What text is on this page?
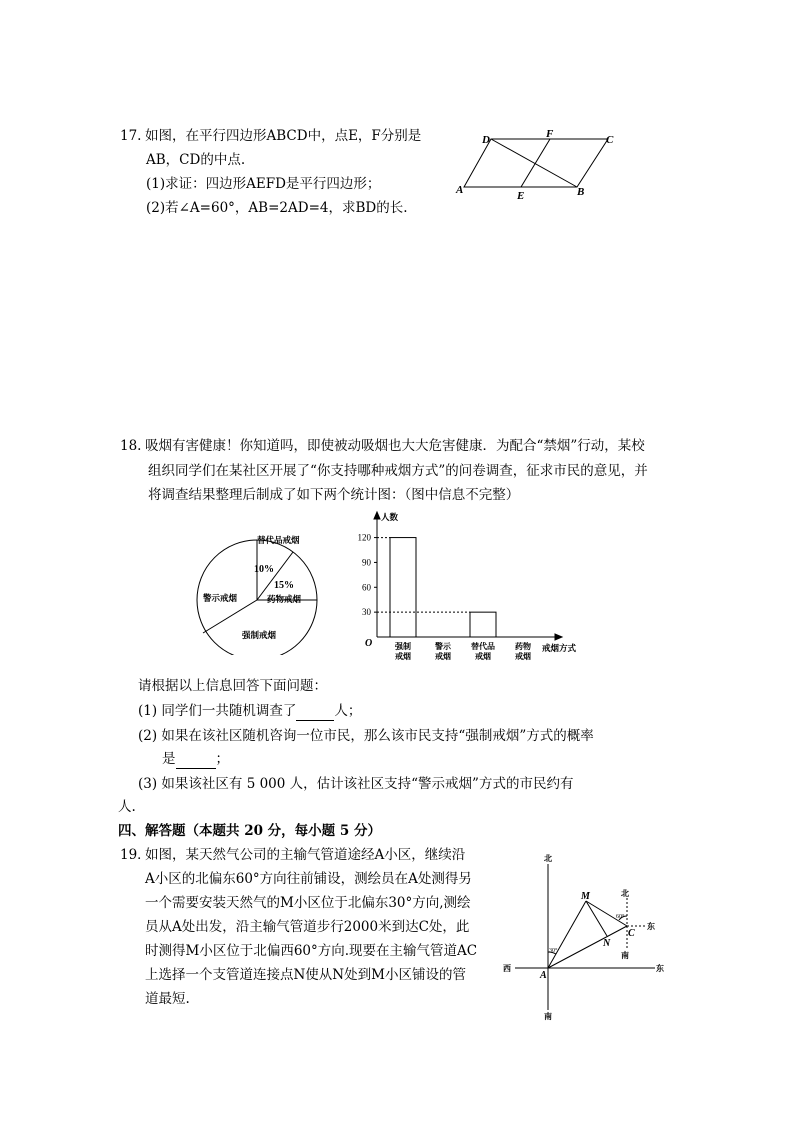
17. 如图，在平行四边形ABCD中，点E，F分别是
AB，CD的中点.
(1)求证：四边形AEFD是平行四边形；
(2)若∠A=60°，AB=2AD=4，求BD的长.
D	F	C
A	E	B
18. 吸烟有害健康！你知道吗，即使被动吸烟也大大危害健康．为配合“禁烟”行动，某校
组织同学们在某社区开展了“你支持哪种戒烟方式”的问卷调查，征求市民的意见，并
将调查结果整理后制成了如下两个统计图：（图中信息不完整）
替代品戒烟
10%
15%
药物戒烟
警示戒烟
强制戒烟
30
60
90
120
强制
戒烟
警示
戒烟
替代品
戒烟
药物
戒烟
人数
戒烟方式
O
请根据以上信息回答下面问题：
(1) 同学们一共随机调查了	人；
(2) 如果在该社区随机咨询一位市民，那么该市民支持“强制戒烟”方式的概率
是	；
(3) 如果该社区有 5 000 人，估计该社区支持“警示戒烟”方式的市民约有
人.
四、解答题（本题共 20 分，每小题 5 分）
19．
如图，某天然气公司的主输气管道途经A小区，继续沿
A小区的北偏东60°方向往前铺设，测绘员在A处测得另
一个需要安装天然气的M小区位于北偏东30°方向,测绘
员从A处出发，沿主输气管道步行2000米到达C处，此
时测得M小区位于北偏西60°方向.现要在主输气管道AC
上选择一个支管道连接点N使从N处到M小区铺设的管
道最短.
北
南
西	东
北
南
东
M
C
N
A
30°
60°
